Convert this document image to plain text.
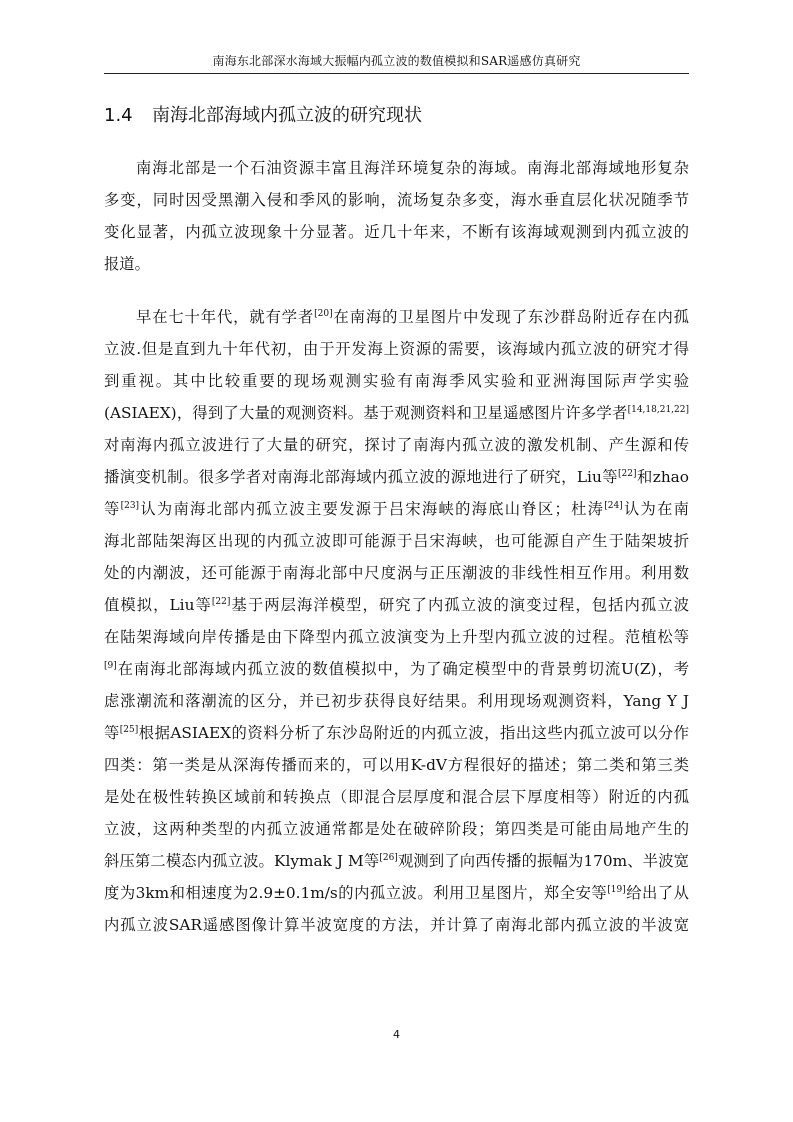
南海东北部深水海域大振幅内孤立波的数值模拟和SAR遥感仿真研究
1.4 南海北部海域内孤立波的研究现状
南海北部是一个石油资源丰富且海洋环境复杂的海域。南海北部海域地形复杂
多变，同时因受黑潮入侵和季风的影响，流场复杂多变，海水垂直层化状况随季节
变化显著，内孤立波现象十分显著。近几十年来，不断有该海域观测到内孤立波的
报道。
早在七十年代，就有学者[20]在南海的卫星图片中发现了东沙群岛附近存在内孤
立波.但是直到九十年代初，由于开发海上资源的需要，该海域内孤立波的研究才得
到重视。其中比较重要的现场观测实验有南海季风实验和亚洲海国际声学实验
(ASIAEX)，得到了大量的观测资料。基于观测资料和卫星遥感图片许多学者[14,18,21,22]
对南海内孤立波进行了大量的研究，探讨了南海内孤立波的激发机制、产生源和传
播演变机制。很多学者对南海北部海域内孤立波的源地进行了研究，Liu等[22]和zhao
等[23]认为南海北部内孤立波主要发源于吕宋海峡的海底山脊区；杜涛[24]认为在南
海北部陆架海区出现的内孤立波即可能源于吕宋海峡，也可能源自产生于陆架坡折
处的内潮波，还可能源于南海北部中尺度涡与正压潮波的非线性相互作用。利用数
值模拟，Liu等[22]基于两层海洋模型，研究了内孤立波的演变过程，包括内孤立波
在陆架海域向岸传播是由下降型内孤立波演变为上升型内孤立波的过程。范植松等
[9]在南海北部海域内孤立波的数值模拟中，为了确定模型中的背景剪切流U(Z)，考
虑涨潮流和落潮流的区分，并已初步获得良好结果。利用现场观测资料，Yang Y J
等[25]根据ASIAEX的资料分析了东沙岛附近的内孤立波，指出这些内孤立波可以分作
四类：第一类是从深海传播而来的，可以用K-dV方程很好的描述；第二类和第三类
是处在极性转换区域前和转换点（即混合层厚度和混合层下厚度相等）附近的内孤
立波，这两种类型的内孤立波通常都是处在破碎阶段；第四类是可能由局地产生的
斜压第二模态内孤立波。Klymak J M等[26]观测到了向西传播的振幅为170m、半波宽
度为3km和相速度为2.9±0.1m/s的内孤立波。利用卫星图片，郑全安等[19]给出了从
内孤立波SAR遥感图像计算半波宽度的方法，并计算了南海北部内孤立波的半波宽
4
